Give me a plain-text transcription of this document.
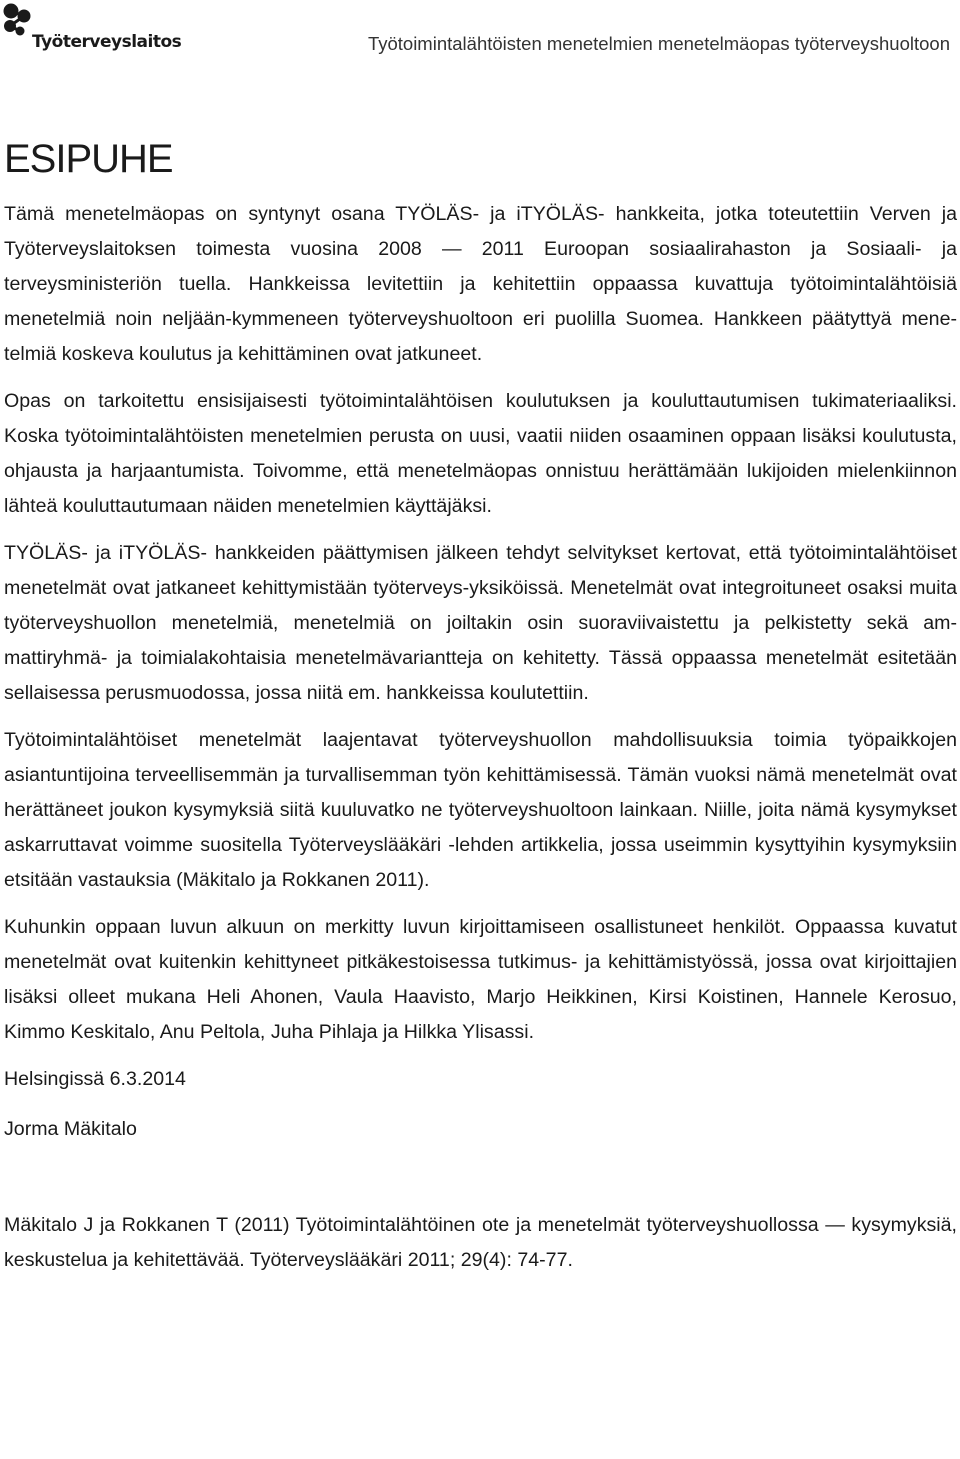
Työterveyslaitos	Työtoimintalähtöisten menetelmien menetelmäopas työterveyshuoltoon
ESIPUHE

Tämä menetelmäopas on syntynyt osana TYÖLÄS- ja iTYÖLÄS- hankkeita, jotka toteutettiin Verven ja Työterveyslaitoksen toimesta vuosina 2008 — 2011 Euroopan sosiaalirahaston ja Sosiaali- ja terveysministeriön tuella. Hankkeissa levitettiin ja kehitettiin oppaassa kuvattuja työtoimintalähtöisiä menetelmiä noin neljään-kymmeneen työterveyshuoltoon eri puolilla Suomea. Hankkeen päätyttyä mene-telmiä koskeva koulutus ja kehittäminen ovat jatkuneet.

Opas on tarkoitettu ensisijaisesti työtoimintalähtöisen koulutuksen ja kouluttautumisen tukimateriaaliksi. Koska työtoimintalähtöisten menetelmien perusta on uusi, vaatii niiden osaaminen oppaan lisäksi koulutusta, ohjausta ja harjaantumista. Toivomme, että menetelmäopas onnistuu herättämään lukijoiden mielenkiinnon lähteä kouluttautumaan näiden menetelmien käyttäjäksi.

TYÖLÄS- ja iTYÖLÄS- hankkeiden päättymisen jälkeen tehdyt selvitykset kertovat, että työtoimintalähtöiset menetelmät ovat jatkaneet kehittymistään työterveys-yksiköissä. Menetelmät ovat integroituneet osaksi muita työterveyshuollon menetelmiä, menetelmiä on joiltakin osin suoraviivaistettu ja pelkistetty sekä am-mattiryhmä- ja toimialakohtaisia menetelmävariantteja on kehitetty. Tässä oppaassa menetelmät esitetään sellaisessa perusmuodossa, jossa niitä em. hankkeissa koulutettiin.

Työtoimintalähtöiset menetelmät laajentavat työterveyshuollon mahdollisuuksia toimia työpaikkojen asiantuntijoina terveellisemmän ja turvallisemman työn kehittämisessä. Tämän vuoksi nämä menetelmät ovat herättäneet joukon kysymyksiä siitä kuuluvatko ne työterveyshuoltoon lainkaan. Niille, joita nämä kysymykset askarruttavat voimme suositella Työterveyslääkäri -lehden artikkelia, jossa useimmin kysyttyihin kysymyksiin etsitään vastauksia (Mäkitalo ja Rokkanen 2011).

Kuhunkin oppaan luvun alkuun on merkitty luvun kirjoittamiseen osallistuneet henkilöt. Oppaassa kuvatut menetelmät ovat kuitenkin kehittyneet pitkäkestoisessa tutkimus- ja kehittämistyössä, jossa ovat kirjoittajien lisäksi olleet mukana Heli Ahonen, Vaula Haavisto, Marjo Heikkinen, Kirsi Koistinen, Hannele Kerosuo, Kimmo Keskitalo, Anu Peltola, Juha Pihlaja ja Hilkka Ylisassi.

Helsingissä 6.3.2014

Jorma Mäkitalo

Mäkitalo J ja Rokkanen T (2011) Työtoimintalähtöinen ote ja menetelmät työterveyshuollossa — kysymyksiä, keskustelua ja kehitettävää. Työterveyslääkäri 2011; 29(4): 74-77.
